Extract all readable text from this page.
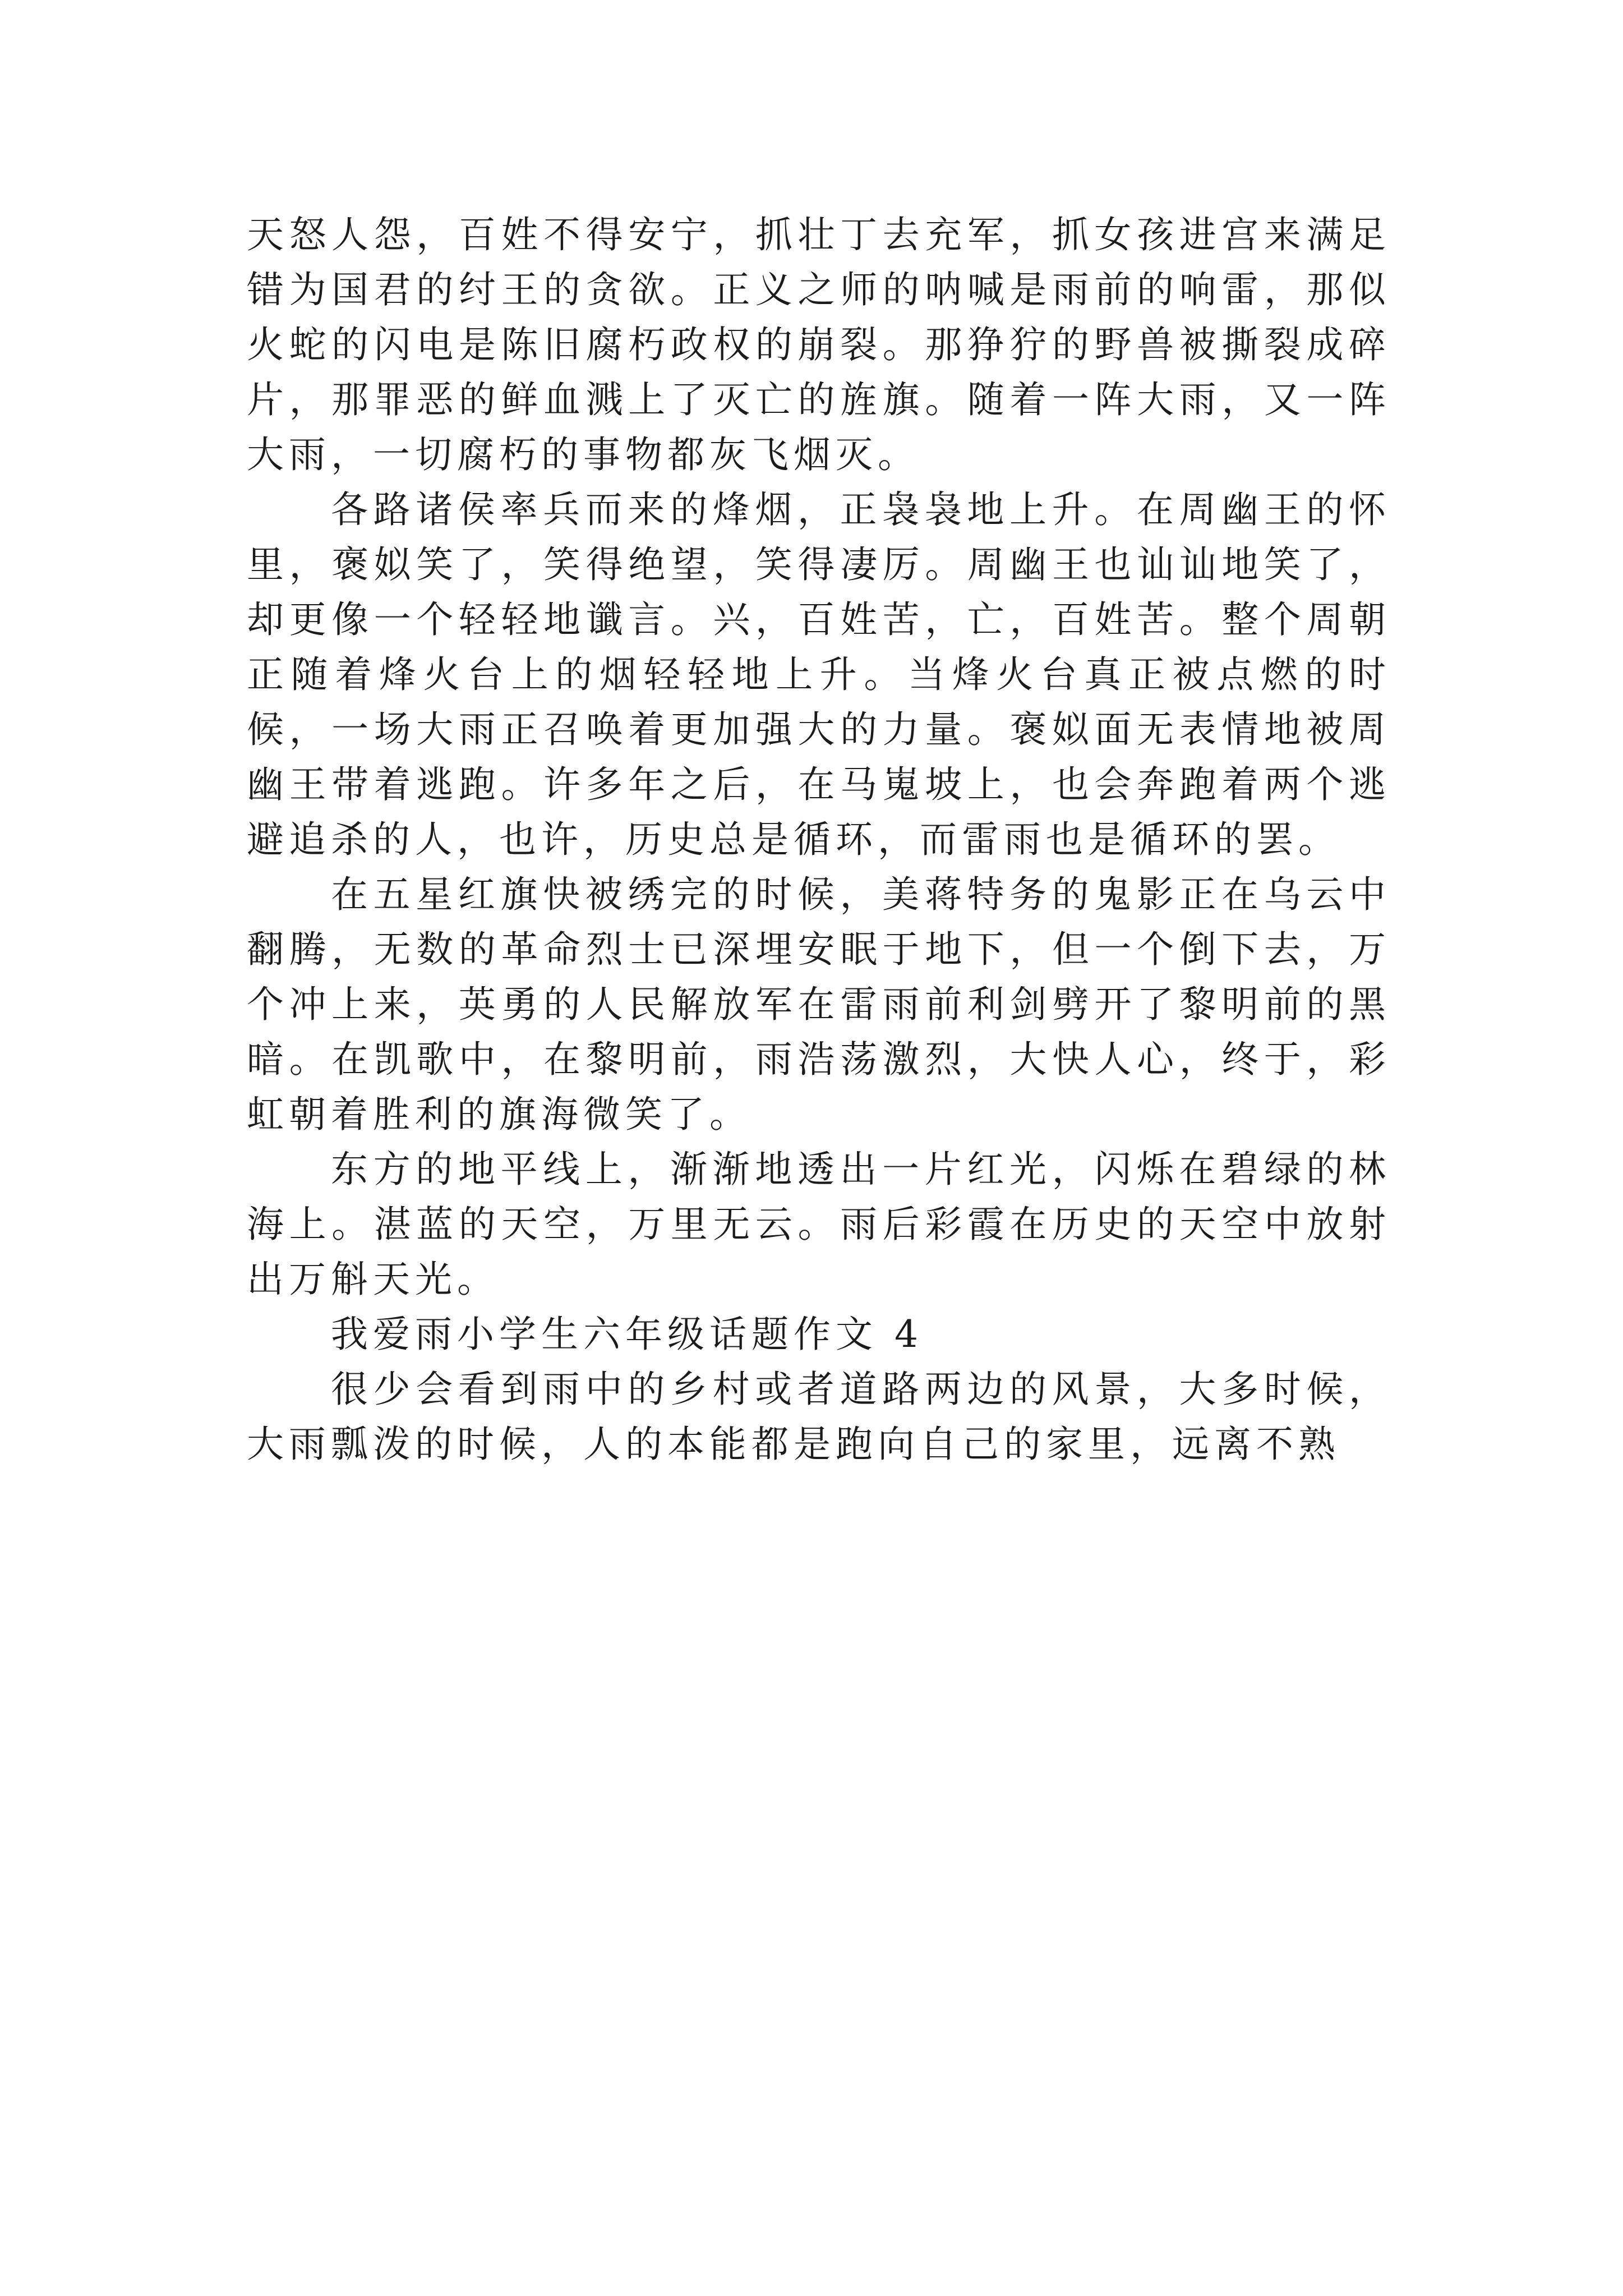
天怒人怨，百姓不得安宁，抓壮丁去充军，抓女孩进宫来满足错为国君的纣王的贪欲。正义之师的呐喊是雨前的响雷，那似火蛇的闪电是陈旧腐朽政权的崩裂。那狰狞的野兽被撕裂成碎片，那罪恶的鲜血溅上了灭亡的旌旗。随着一阵大雨，又一阵大雨，一切腐朽的事物都灰飞烟灭。

各路诸侯率兵而来的烽烟，正袅袅地上升。在周幽王的怀里，褒姒笑了，笑得绝望，笑得凄厉。周幽王也讪讪地笑了，却更像一个轻轻地谶言。兴，百姓苦，亡，百姓苦。整个周朝正随着烽火台上的烟轻轻地上升。当烽火台真正被点燃的时候，一场大雨正召唤着更加强大的力量。褒姒面无表情地被周幽王带着逃跑。许多年之后，在马嵬坡上，也会奔跑着两个逃避追杀的人，也许，历史总是循环，而雷雨也是循环的罢。

在五星红旗快被绣完的时候，美蒋特务的鬼影正在乌云中翻腾，无数的革命烈士已深埋安眠于地下，但一个倒下去，万个冲上来，英勇的人民解放军在雷雨前利剑劈开了黎明前的黑暗。在凯歌中，在黎明前，雨浩荡激烈，大快人心，终于，彩虹朝着胜利的旗海微笑了。

东方的地平线上，渐渐地透出一片红光，闪烁在碧绿的林海上。湛蓝的天空，万里无云。雨后彩霞在历史的天空中放射出万斛天光。

我爱雨小学生六年级话题作文 4

很少会看到雨中的乡村或者道路两边的风景，大多时候，大雨瓢泼的时候，人的本能都是跑向自己的家里，远离不熟
